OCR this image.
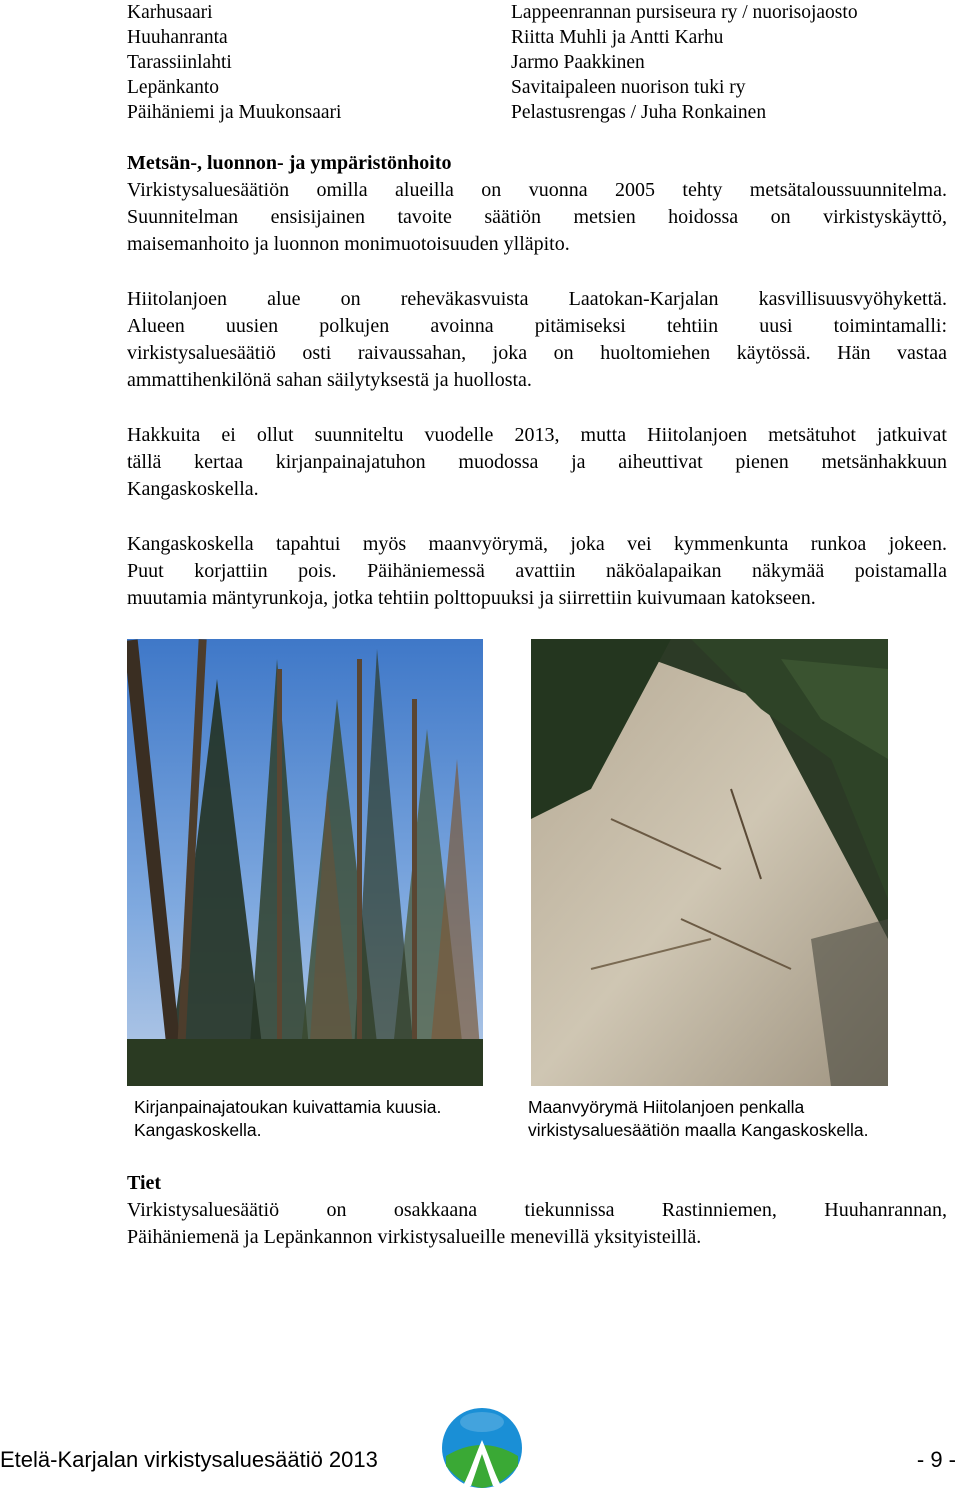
Karhusaari	Lappeenrannan pursiseura ry / nuorisojaosto
Huuhanranta	Riitta Muhli ja Antti Karhu
Tarassiinlahti	Jarmo Paakkinen
Lepänkanto	Savitaipaleen nuorison tuki ry
Päihäniemi ja Muukonsaari	Pelastusrengas / Juha Ronkainen
Metsän-, luonnon- ja ympäristönhoito
Virkistysaluesäätiön omilla alueilla on vuonna 2005 tehty metsätaloussuunnitelma.
Suunnitelman ensisijainen tavoite säätiön metsien hoidossa on virkistyskäyttö,
maisemanhoito ja luonnon monimuotoisuuden ylläpito.
Hiitolanjoen alue on reheväkasvuista Laatokan-Karjalan kasvillisuusvyöhykettä.
Alueen uusien polkujen avoinna pitämiseksi tehtiin uusi toimintamalli:
virkistysaluesäätiö osti raivaussahan, joka on huoltomiehen käytössä. Hän vastaa
ammattihenkilönä sahan säilytyksestä ja huollosta.
Hakkuita ei ollut suunniteltu vuodelle 2013, mutta Hiitolanjoen metsätuhot jatkuivat
tällä kertaa kirjanpainajatuhon muodossa ja aiheuttivat pienen metsänhakkuun
Kangaskoskella.
Kangaskoskella tapahtui myös maanvyörymä, joka vei kymmenkunta runkoa jokeen.
Puut korjattiin pois. Päihäniemessä avattiin näköalapaikan näkymää poistamalla
muutamia mäntyrunkoja, jotka tehtiin polttopuuksi ja siirrettiin kuivumaan katokseen.
Kirjanpainajatoukan kuivattamia kuusia.
Kangaskoskella.
Maanvyörymä Hiitolanjoen penkalla
virkistysaluesäätiön maalla Kangaskoskella.
Tiet
Virkistysaluesäätiö on osakkaana tiekunnissa Rastinniemen, Huuhanrannan,
Päihäniemenä ja Lepänkannon virkistysalueille menevillä yksityisteillä.
Etelä-Karjalan virkistysaluesäätiö 2013	- 9 -
